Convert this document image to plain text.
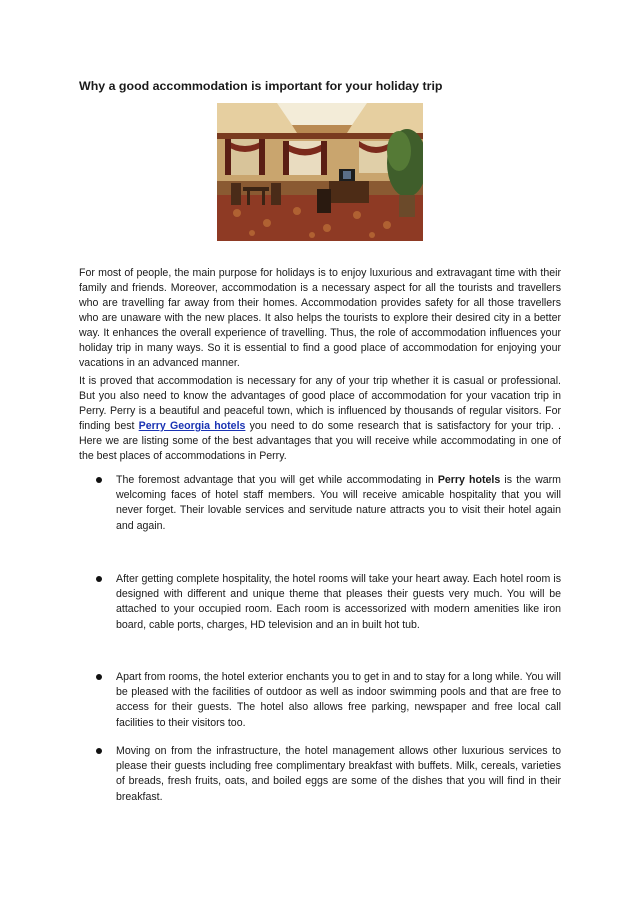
Why a good accommodation is important for your holiday trip

For most of people, the main purpose for holidays is to enjoy luxurious and extravagant time with their family and friends. Moreover, accommodation is a necessary aspect for all the tourists and travellers who are travelling far away from their homes. Accommodation provides safety for all those travellers who are unaware with the new places. It also helps the tourists to explore their desired city in a better way. It enhances the overall experience of travelling. Thus, the role of accommodation influences your holiday trip in many ways. So it is essential to find a good place of accommodation for enjoying your vacations in an advanced manner.

It is proved that accommodation is necessary for any of your trip whether it is casual or professional. But you also need to know the advantages of good place of accommodation for your vacation trip in Perry. Perry is a beautiful and peaceful town, which is influenced by thousands of regular visitors. For finding best Perry Georgia hotels you need to do some research that is satisfactory for your trip. . Here we are listing some of the best advantages that you will receive while accommodating in one of the best places of accommodations in Perry.

The foremost advantage that you will get while accommodating in Perry hotels is the warm welcoming faces of hotel staff members. You will receive amicable hospitality that you will never forget. Their lovable services and servitude nature attracts you to visit their hotel again and again.

After getting complete hospitality, the hotel rooms will take your heart away. Each hotel room is designed with different and unique theme that pleases their guests very much. You will be attached to your occupied room. Each room is accessorized with modern amenities like iron board, cable ports, charges, HD television and an in built hot tub.

Apart from rooms, the hotel exterior enchants you to get in and to stay for a long while. You will be pleased with the facilities of outdoor as well as indoor swimming pools and that are free to access for their guests. The hotel also allows free parking, newspaper and free local call facilities to their visitors too.

Moving on from the infrastructure, the hotel management allows other luxurious services to please their guests including free complimentary breakfast with buffets. Milk, cereals, varieties of breads, fresh fruits, oats, and boiled eggs are some of the dishes that you will find in their breakfast.
